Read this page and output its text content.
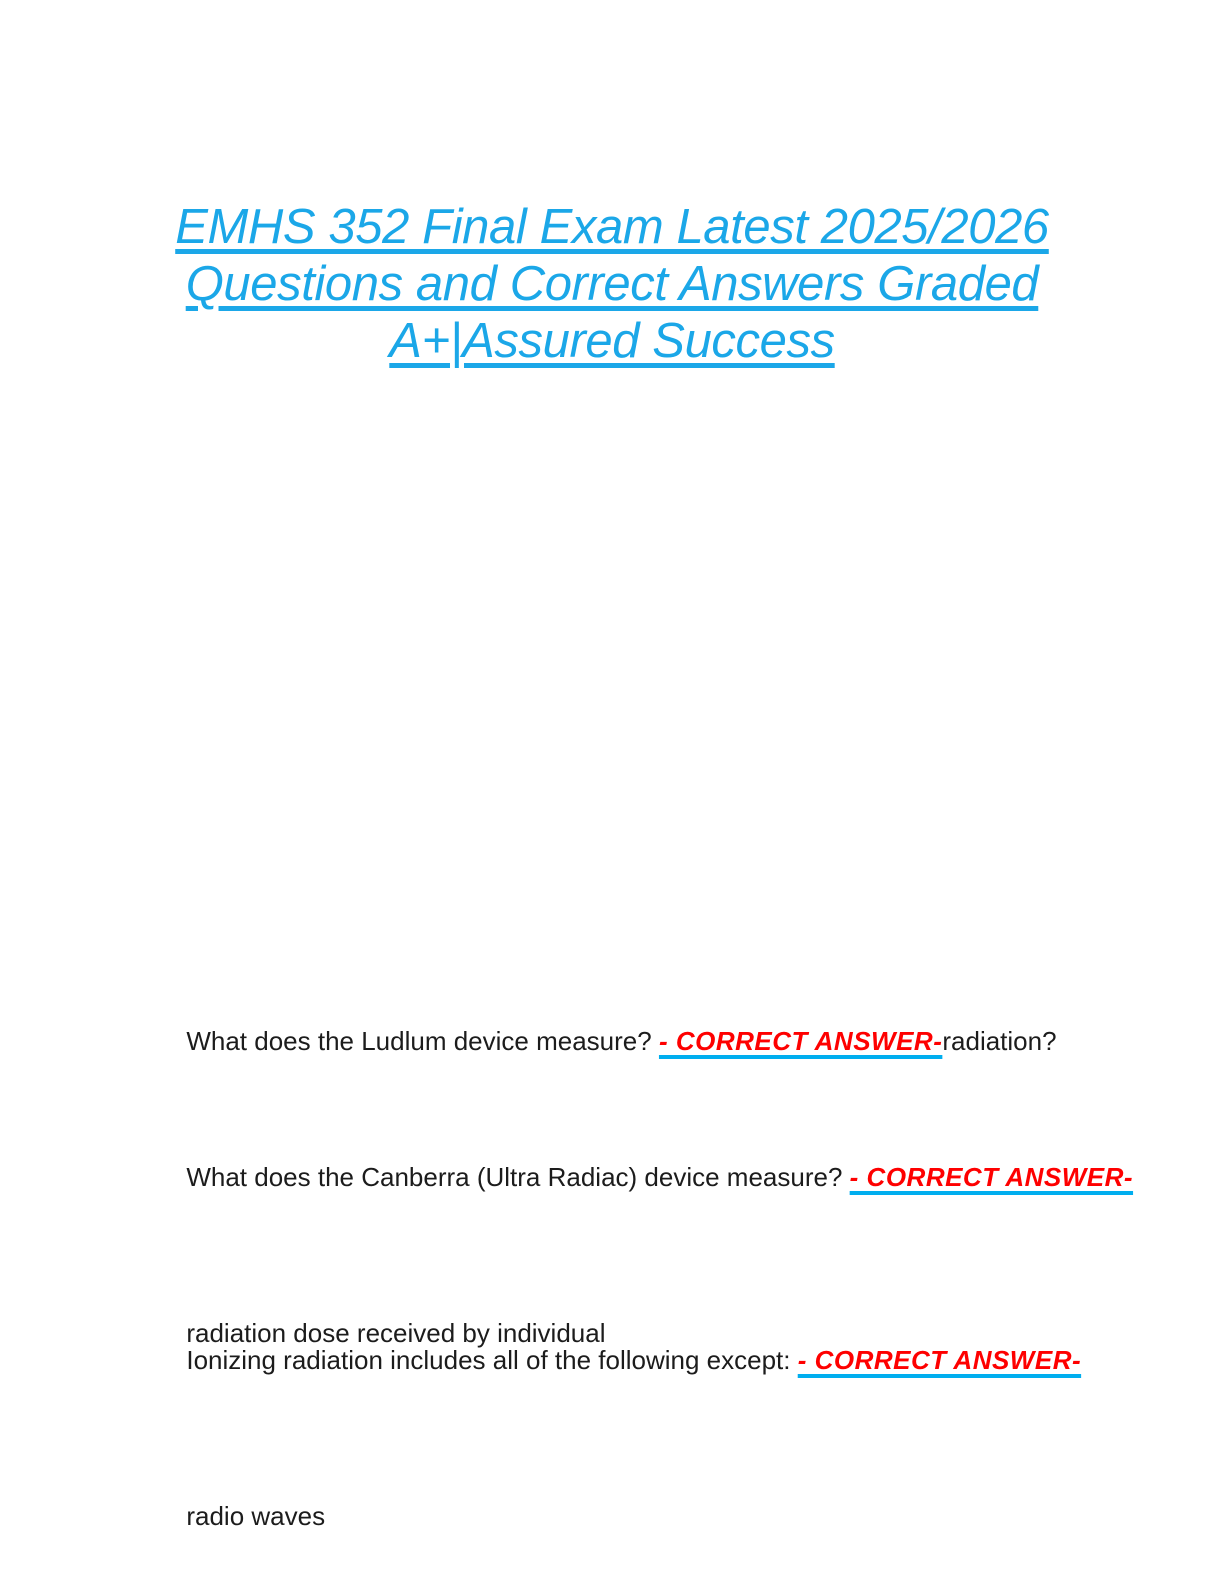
EMHS 352 Final Exam Latest 2025/2026
Questions and Correct Answers Graded
A+|Assured Success

What does the Ludlum device measure? - CORRECT ANSWER-radiation?

What does the Canberra (Ultra Radiac) device measure? - CORRECT ANSWER-

radiation dose received by individual

Ionizing radiation includes all of the following except: - CORRECT ANSWER-

radio waves
